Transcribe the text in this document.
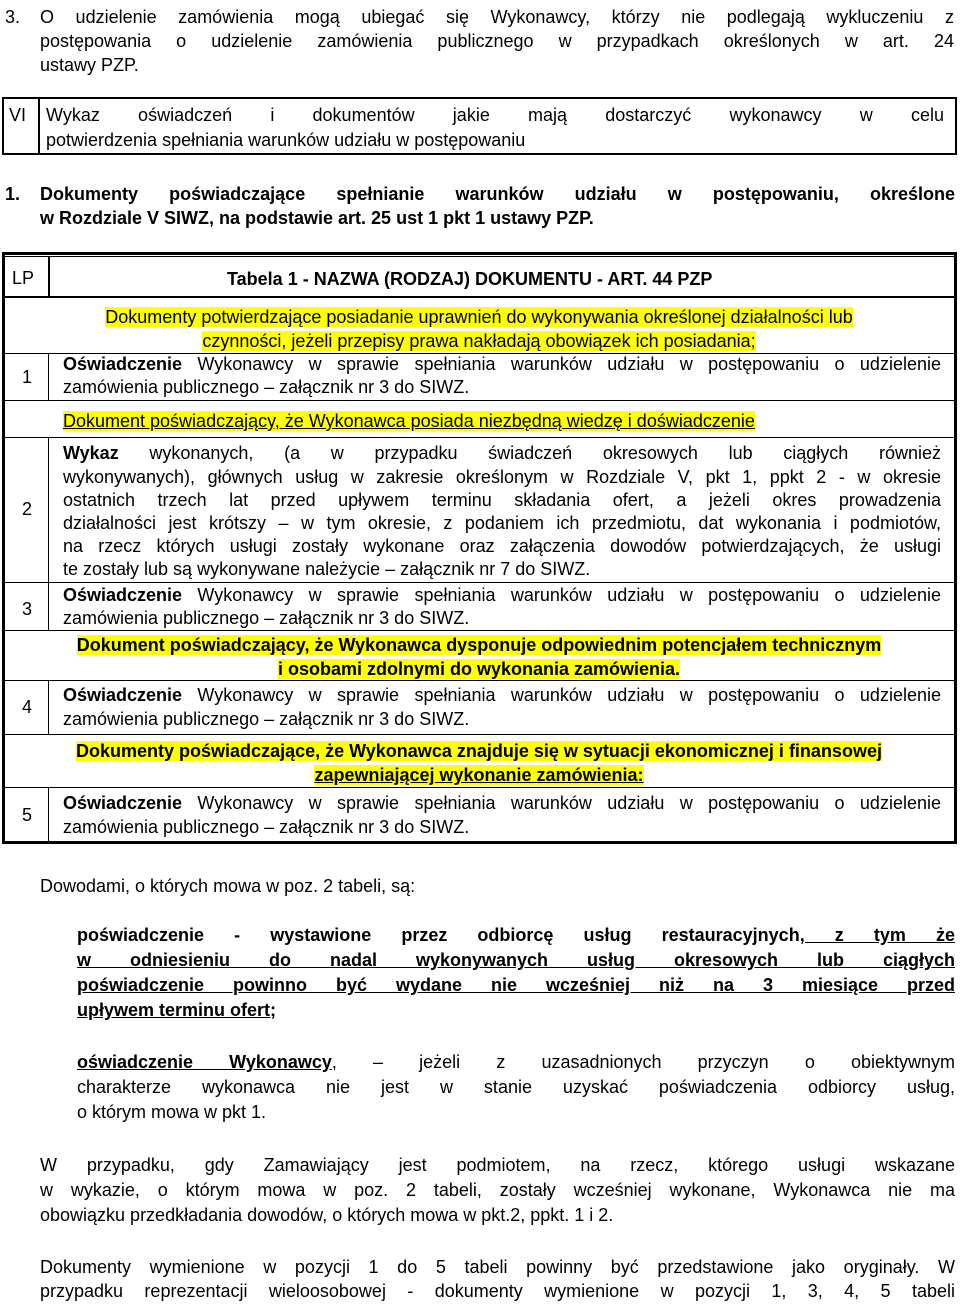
3. O udzielenie zamówienia mogą ubiegać się Wykonawcy, którzy nie podlegają wykluczeniu z
postępowania o udzielenie zamówienia publicznego w przypadkach określonych w art. 24
ustawy PZP.
VI Wykaz oświadczeń i dokumentów jakie mają dostarczyć wykonawcy w celu
potwierdzenia spełniania warunków udziału w postępowaniu
1. Dokumenty poświadczające spełnianie warunków udziału w postępowaniu, określone
w Rozdziale V SIWZ, na podstawie art. 25 ust 1 pkt 1 ustawy PZP.
LP	Tabela 1 - NAZWA (RODZAJ) DOKUMENTU - ART. 44 PZP
Dokumenty potwierdzające posiadanie uprawnień do wykonywania określonej działalności lub
czynności, jeżeli przepisy prawa nakładają obowiązek ich posiadania;
1
Oświadczenie Wykonawcy w sprawie spełniania warunków udziału w postępowaniu o udzielenie
zamówienia publicznego – załącznik nr 3 do SIWZ.
Dokument poświadczający, że Wykonawca posiada niezbędną wiedzę i doświadczenie
2
Wykaz wykonanych, (a w przypadku świadczeń okresowych lub ciągłych również
wykonywanych), głównych usług w zakresie określonym w Rozdziale V, pkt 1, ppkt 2 - w okresie
ostatnich trzech lat przed upływem terminu składania ofert, a jeżeli okres prowadzenia
działalności jest krótszy – w tym okresie, z podaniem ich przedmiotu, dat wykonania i podmiotów,
na rzecz których usługi zostały wykonane oraz załączenia dowodów potwierdzających, że usługi
te zostały lub są wykonywane należycie – załącznik nr 7 do SIWZ.
3
Oświadczenie Wykonawcy w sprawie spełniania warunków udziału w postępowaniu o udzielenie
zamówienia publicznego – załącznik nr 3 do SIWZ.
Dokument poświadczający, że Wykonawca dysponuje odpowiednim potencjałem technicznym
i osobami zdolnymi do wykonania zamówienia.
4
Oświadczenie Wykonawcy w sprawie spełniania warunków udziału w postępowaniu o udzielenie
zamówienia publicznego – załącznik nr 3 do SIWZ.
Dokumenty poświadczające, że Wykonawca znajduje się w sytuacji ekonomicznej i finansowej
zapewniającej wykonanie zamówienia:
5
Oświadczenie Wykonawcy w sprawie spełniania warunków udziału w postępowaniu o udzielenie
zamówienia publicznego – załącznik nr 3 do SIWZ.
Dowodami, o których mowa w poz. 2 tabeli, są:
poświadczenie - wystawione przez odbiorcę usług restauracyjnych, z tym że
w odniesieniu do nadal wykonywanych usług okresowych lub ciągłych
poświadczenie powinno być wydane nie wcześniej niż na 3 miesiące przed
upływem terminu ofert;
oświadczenie Wykonawcy, – jeżeli z uzasadnionych przyczyn o obiektywnym
charakterze wykonawca nie jest w stanie uzyskać poświadczenia odbiorcy usług,
o którym mowa w pkt 1.
W przypadku, gdy Zamawiający jest podmiotem, na rzecz, którego usługi wskazane
w wykazie, o którym mowa w poz. 2 tabeli, zostały wcześniej wykonane, Wykonawca nie ma
obowiązku przedkładania dowodów, o których mowa w pkt.2, ppkt. 1 i 2.
Dokumenty wymienione w pozycji 1 do 5 tabeli powinny być przedstawione jako oryginały. W
przypadku reprezentacji wieloosobowej - dokumenty wymienione w pozycji 1, 3, 4, 5 tabeli
